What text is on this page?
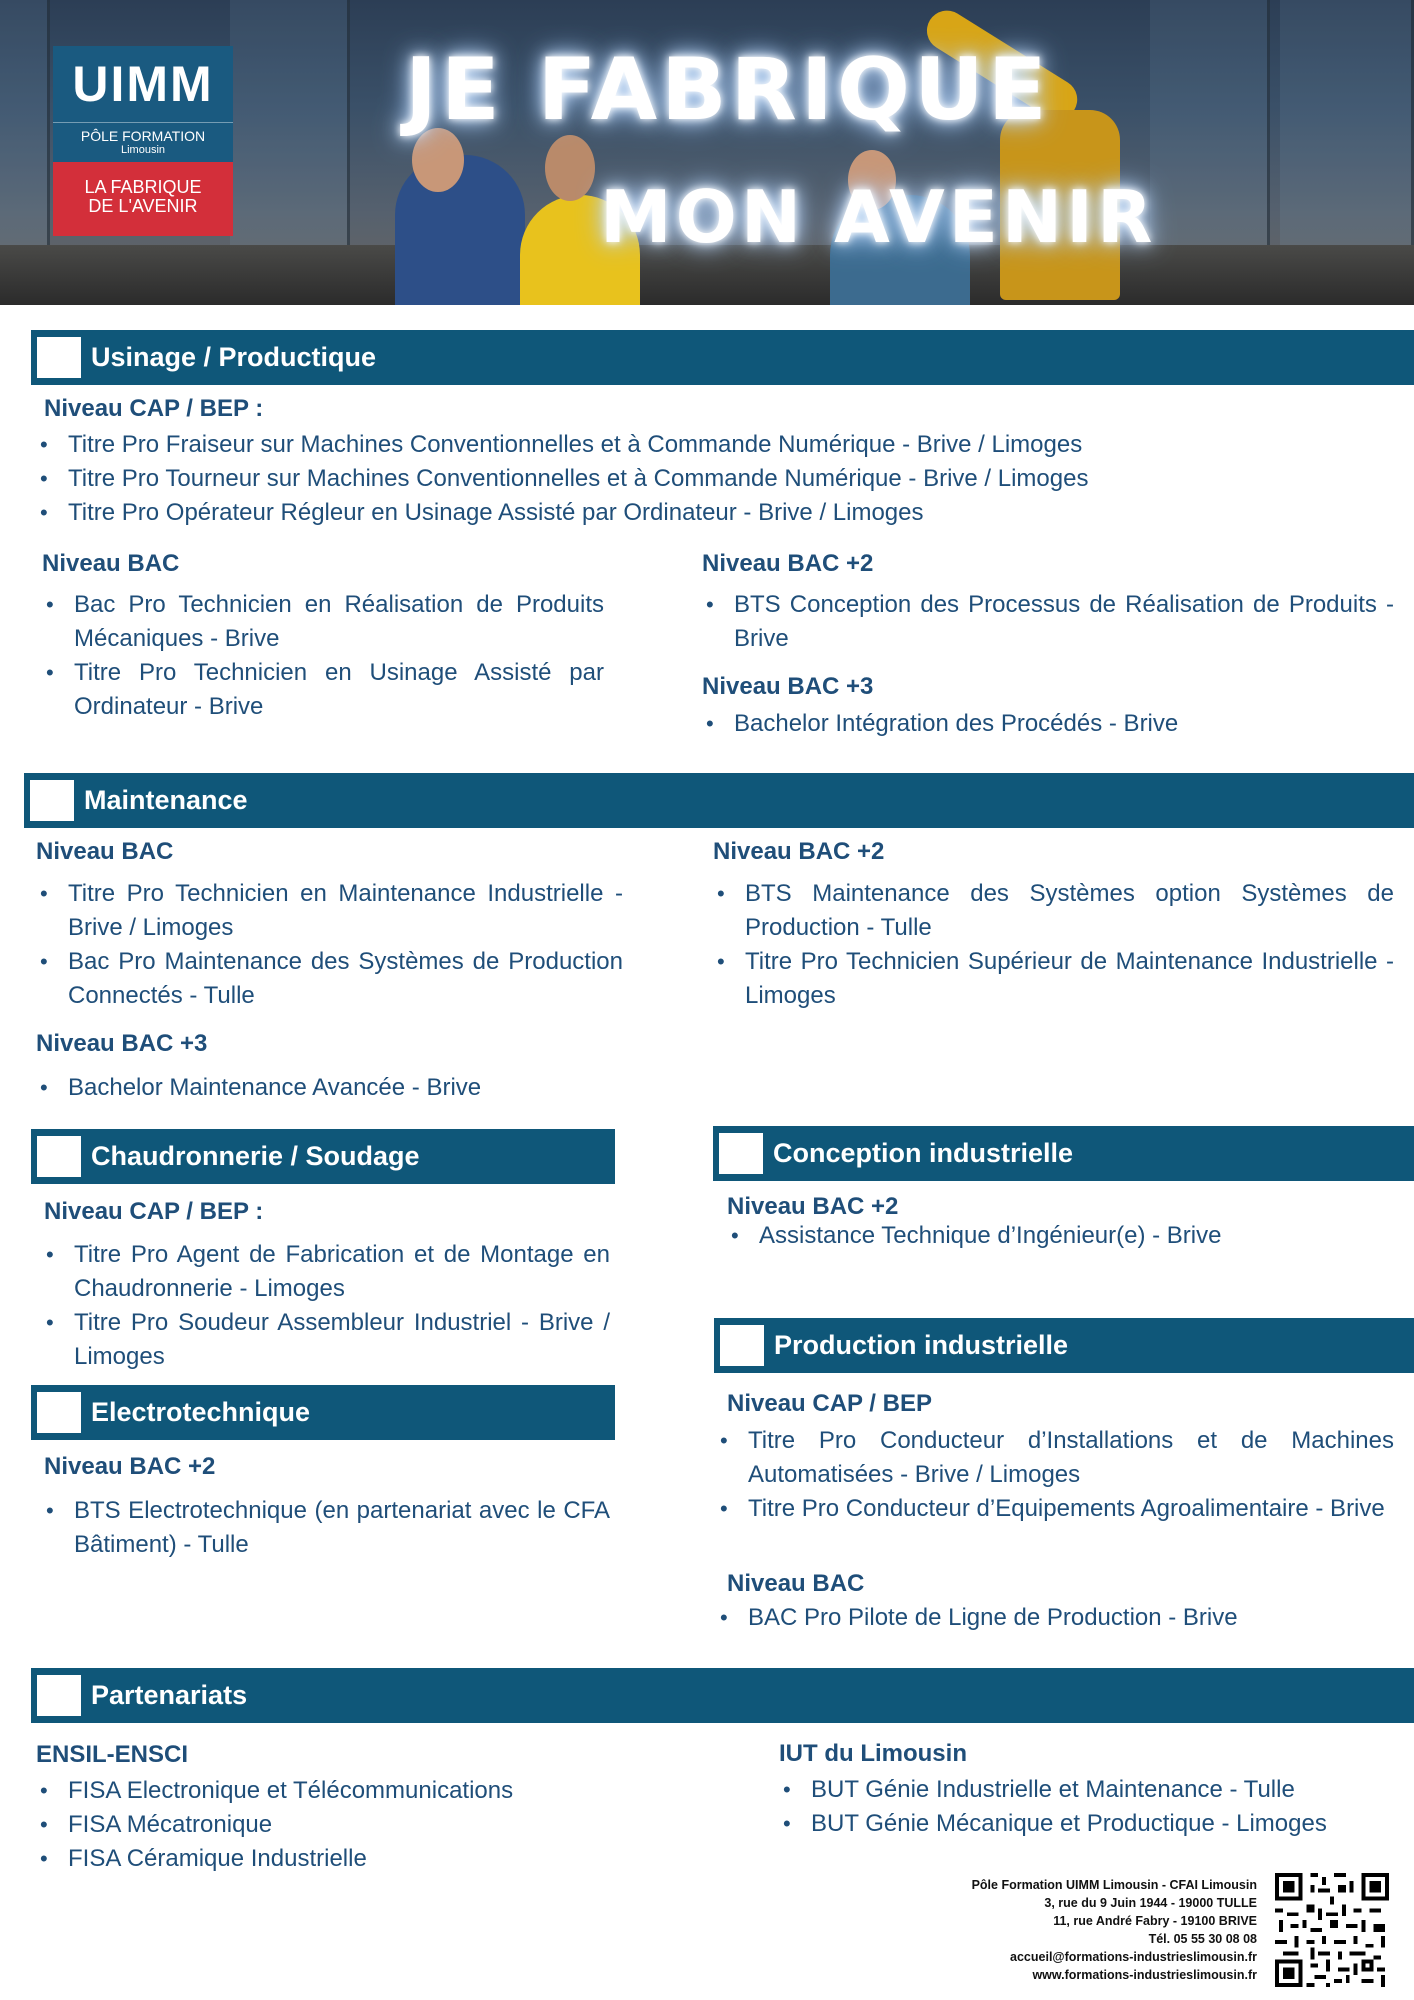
JE FABRIQUE
MON AVENIR
UIMM
PÔLE FORMATION
Limousin
LA FABRIQUE
DE L'AVENIR
Usinage / Productique
Niveau CAP / BEP :
• Titre Pro Fraiseur sur Machines Conventionnelles et à Commande Numérique - Brive / Limoges
• Titre Pro Tourneur sur Machines Conventionnelles et à Commande Numérique - Brive / Limoges
• Titre Pro Opérateur Régleur en Usinage Assisté par Ordinateur - Brive / Limoges
Niveau BAC
• Bac Pro Technicien en Réalisation de Produits Mécaniques - Brive
• Titre Pro Technicien en Usinage Assisté par Ordinateur - Brive
Niveau BAC +2
• BTS Conception des Processus de Réalisation de Produits - Brive
Niveau BAC +3
• Bachelor Intégration des Procédés - Brive
Maintenance
Niveau BAC
• Titre Pro Technicien en Maintenance Industrielle - Brive / Limoges
• Bac Pro Maintenance des Systèmes de Production Connectés - Tulle
Niveau BAC +3
• Bachelor Maintenance Avancée - Brive
Niveau BAC +2
• BTS Maintenance des Systèmes option Systèmes de Production - Tulle
• Titre Pro Technicien Supérieur de Maintenance Industrielle - Limoges
Chaudronnerie / Soudage
Niveau CAP / BEP :
• Titre Pro Agent de Fabrication et de Montage en Chaudronnerie - Limoges
• Titre Pro Soudeur Assembleur Industriel - Brive / Limoges
Electrotechnique
Niveau BAC +2
• BTS Electrotechnique (en partenariat avec le CFA Bâtiment) - Tulle
Conception industrielle
Niveau BAC +2
• Assistance Technique d’Ingénieur(e) - Brive
Production industrielle
Niveau CAP / BEP
• Titre Pro Conducteur d’Installations et de Machines Automatisées - Brive / Limoges
• Titre Pro Conducteur d’Equipements Agroalimentaire - Brive
Niveau BAC
• BAC Pro Pilote de Ligne de Production - Brive
Partenariats
ENSIL-ENSCI
• FISA Electronique et Télécommunications
• FISA Mécatronique
• FISA Céramique Industrielle
IUT du Limousin
• BUT Génie Industrielle et Maintenance - Tulle
• BUT Génie Mécanique et Productique - Limoges
Pôle Formation UIMM Limousin - CFAI Limousin
3, rue du 9 Juin 1944 - 19000 TULLE
11, rue André Fabry - 19100 BRIVE
Tél. 05 55 30 08 08
accueil@formations-industrieslimousin.fr
www.formations-industrieslimousin.fr
